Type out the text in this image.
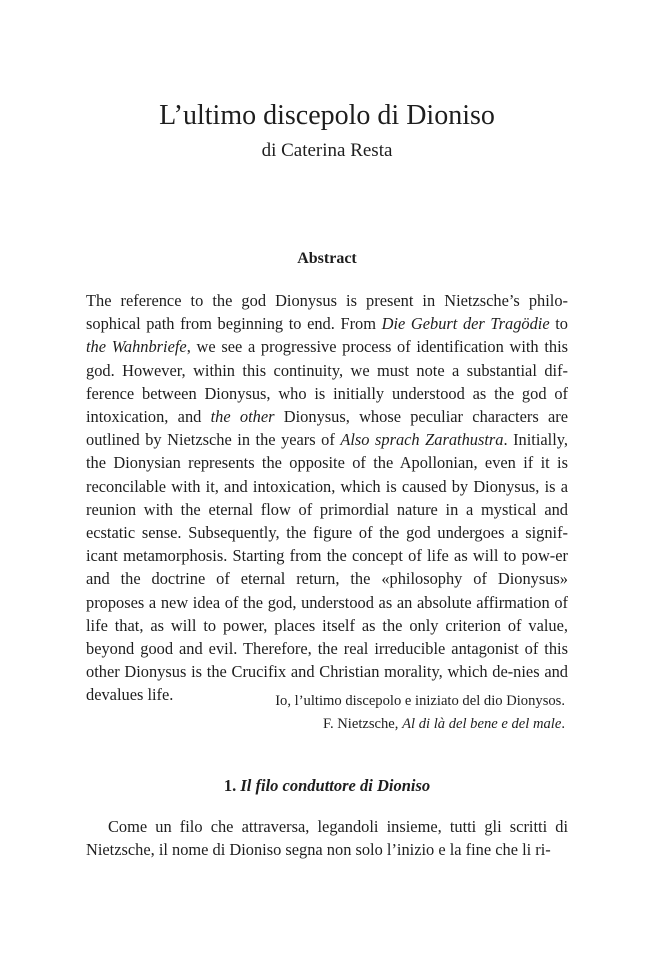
L’ultimo discepolo di Dioniso
di Caterina Resta
Abstract

The reference to the god Dionysus is present in Nietzsche’s philo-sophical path from beginning to end. From Die Geburt der Tragödie to the Wahnbriefe, we see a progressive process of identification with this god. However, within this continuity, we must note a substantial dif-ference between Dionysus, who is initially understood as the god of intoxication, and the other Dionysus, whose peculiar characters are outlined by Nietzsche in the years of Also sprach Zarathustra. Initially, the Dionysian represents the opposite of the Apollonian, even if it is reconcilable with it, and intoxication, which is caused by Dionysus, is a reunion with the eternal flow of primordial nature in a mystical and ecstatic sense. Subsequently, the figure of the god undergoes a signif-icant metamorphosis. Starting from the concept of life as will to pow-er and the doctrine of eternal return, the «philosophy of Dionysus» proposes a new idea of the god, understood as an absolute affirmation of life that, as will to power, places itself as the only criterion of value, beyond good and evil. Therefore, the real irreducible antagonist of this other Dionysus is the Crucifix and Christian morality, which de-nies and devalues life.	Io, l’ultimo discepolo e iniziato del dio Dionysos.
F. Nietzsche, Al di là del bene e del male.
1. Il filo conduttore di Dioniso

Come un filo che attraversa, legandoli insieme, tutti gli scritti di Nietzsche, il nome di Dioniso segna non solo l’inizio e la fine che li ri-
